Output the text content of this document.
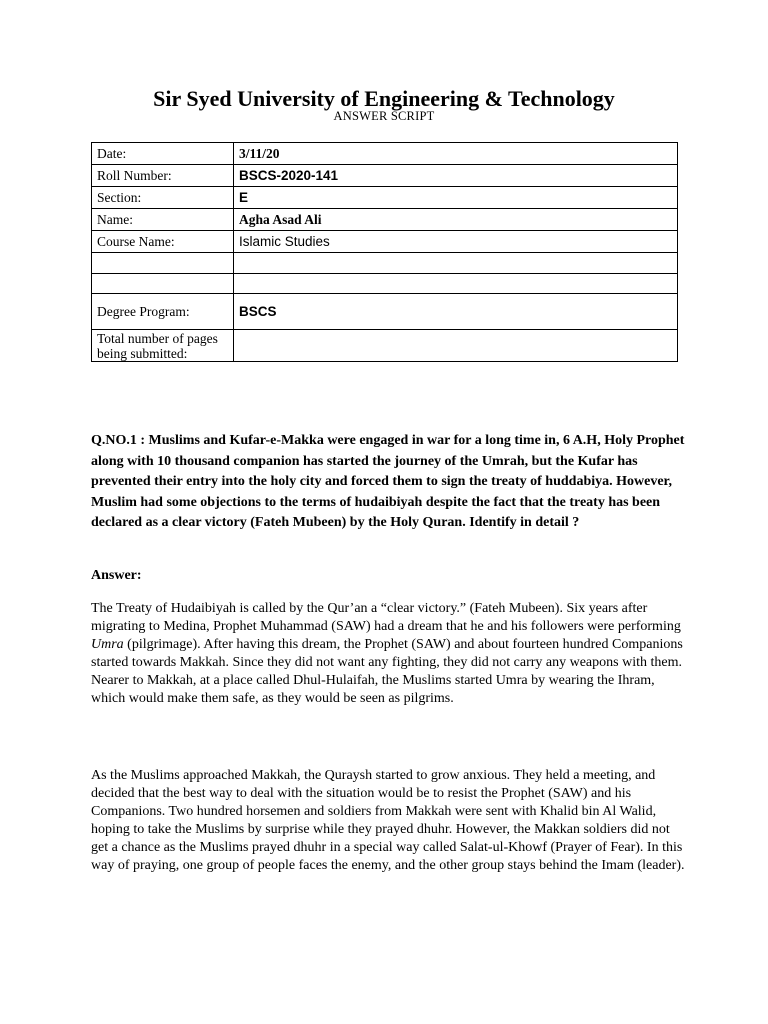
Sir Syed University of Engineering & Technology
ANSWER SCRIPT
Date:	3/11/20
Roll Number:	BSCS-2020-141
Section:	E
Name:	Agha Asad Ali
Course Name:	Islamic Studies

Degree Program:	BSCS

Total number of pages
being submitted:	

Q.NO.1 : Muslims and Kufar-e-Makka were engaged in war for a long time in, 6 A.H, Holy Prophet along with 10 thousand companion has started the journey of the Umrah, but the Kufar has prevented their entry into the holy city and forced them to sign the treaty of huddabiya. However, Muslim had some objections to the terms of hudaibiyah despite the fact that the treaty has been declared as a clear victory (Fateh Mubeen) by the Holy Quran. Identify in detail ?
Answer:

The Treaty of Hudaibiyah is called by the Qur’an a “clear victory.” (Fateh Mubeen). Six years after migrating to Medina, Prophet Muhammad (SAW) had a dream that he and his followers were performing Umra (pilgrimage). After having this dream, the Prophet (SAW) and about fourteen hundred Companions started towards Makkah. Since they did not want any fighting, they did not carry any weapons with them. Nearer to Makkah, at a place called Dhul-Hulaifah, the Muslims started Umra by wearing the Ihram, which would make them safe, as they would be seen as pilgrims.

As the Muslims approached Makkah, the Quraysh started to grow anxious. They held a meeting, and decided that the best way to deal with the situation would be to resist the Prophet (SAW) and his Companions. Two hundred horsemen and soldiers from Makkah were sent with Khalid bin Al Walid, hoping to take the Muslims by surprise while they prayed dhuhr. However, the Makkan soldiers did not get a chance as the Muslims prayed dhuhr in a special way called Salat-ul-Khowf (Prayer of Fear). In this way of praying, one group of people faces the enemy, and the other group stays behind the Imam (leader).
